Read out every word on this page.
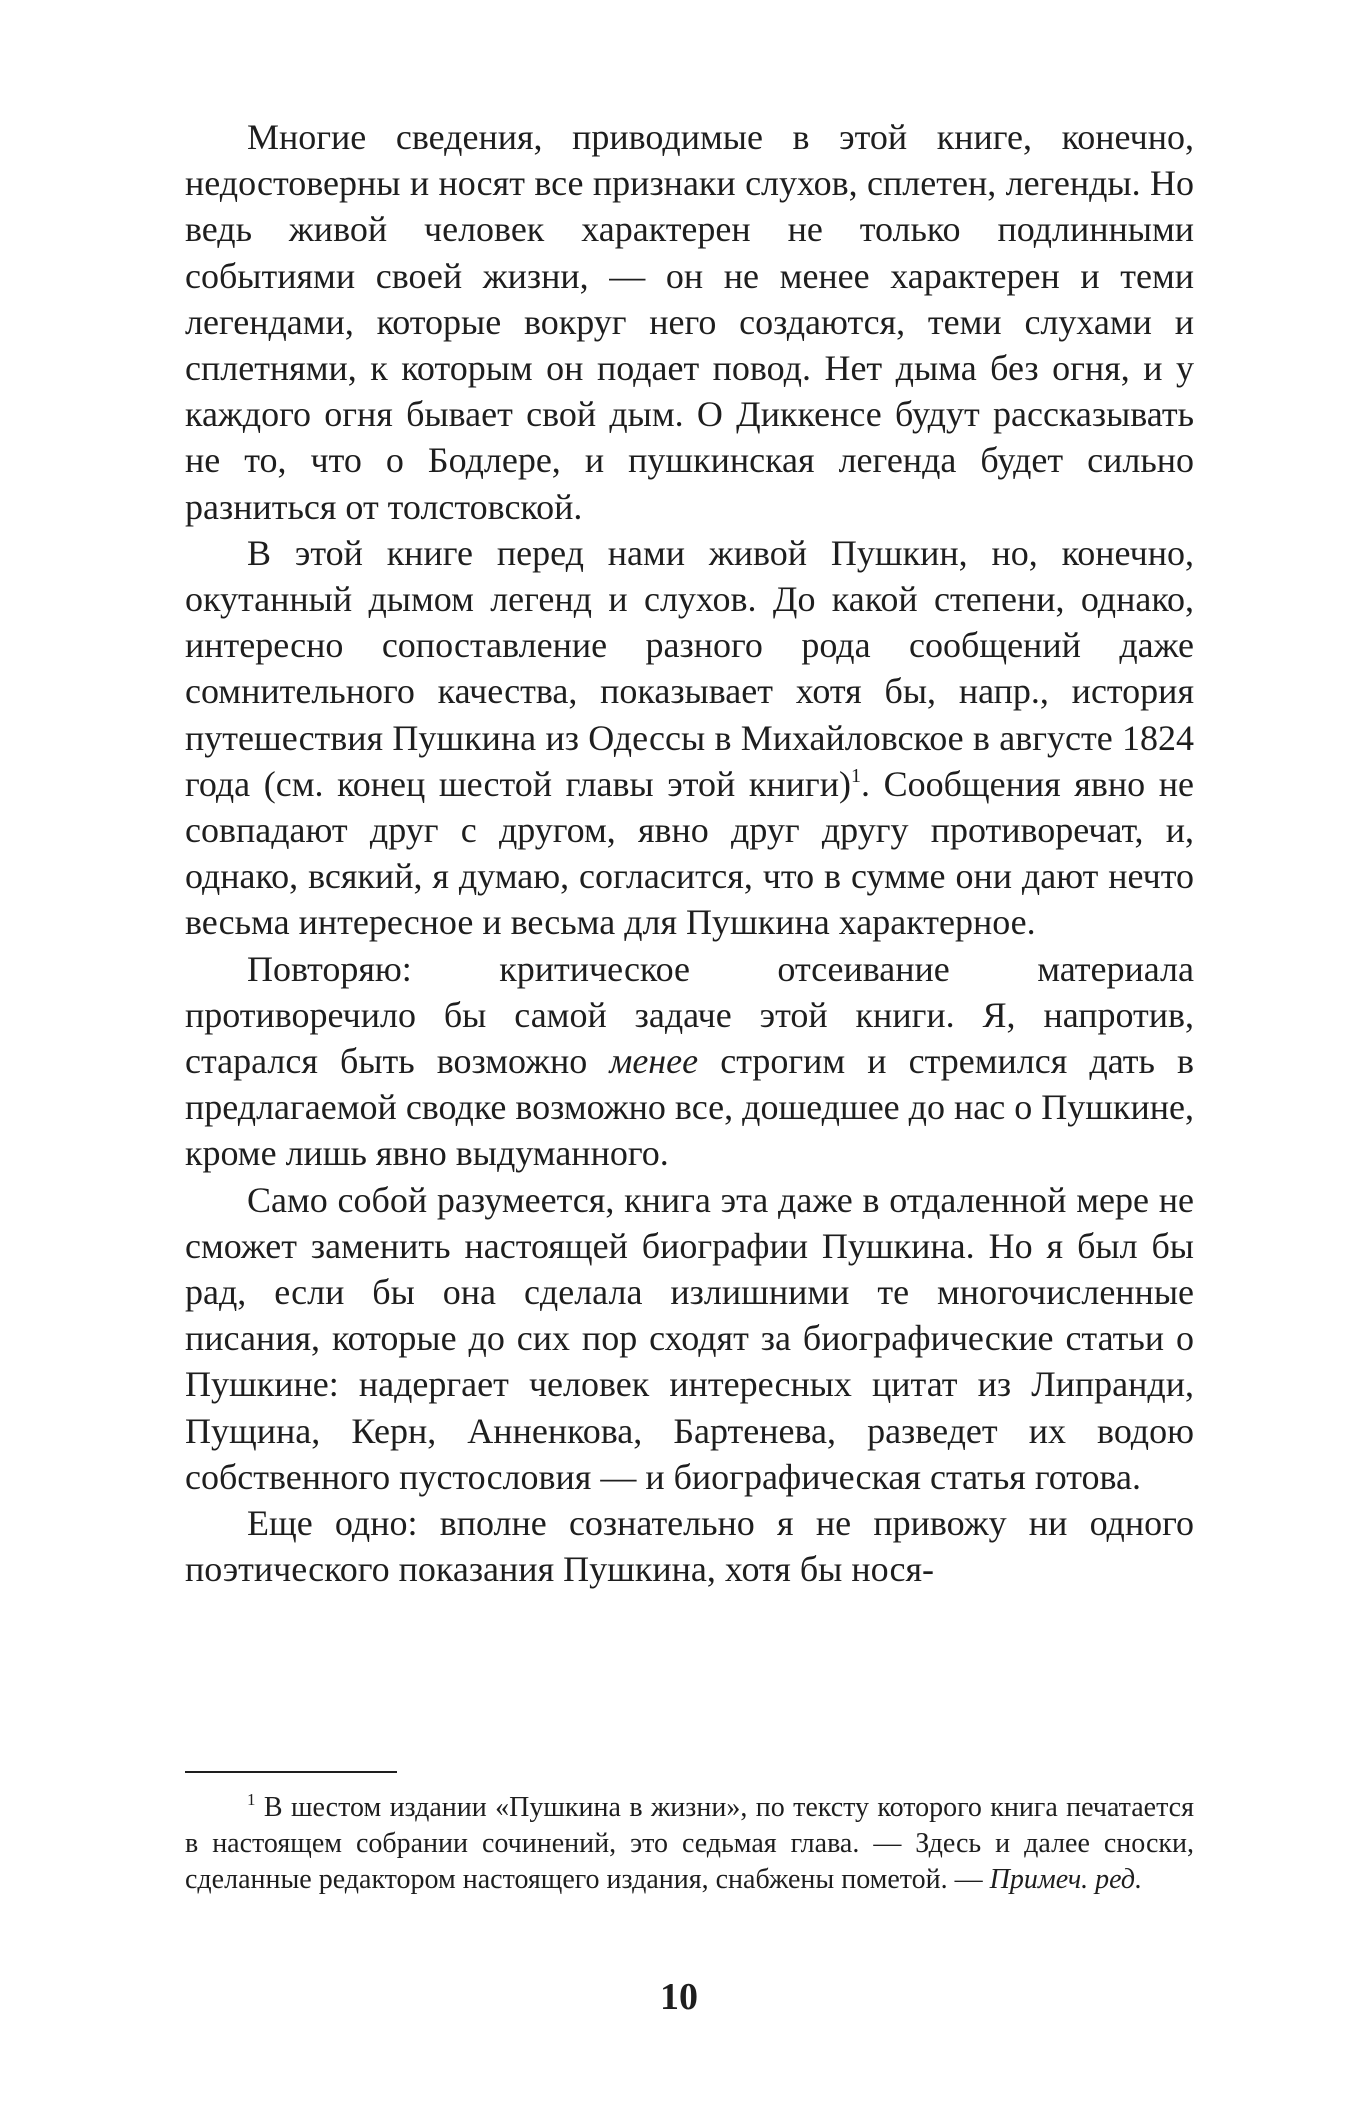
Многие сведения, приводимые в этой книге, конечно, недостоверны и носят все признаки слухов, сплетен, легенды. Но ведь живой человек характерен не только подлинными событиями своей жизни, — он не менее характерен и теми легендами, которые вокруг него создаются, теми слухами и сплетнями, к которым он подает повод. Нет дыма без огня, и у каждого огня бывает свой дым. О Диккенсе будут рассказывать не то, что о Бодлере, и пушкинская легенда будет сильно разниться от толстовской.

В этой книге перед нами живой Пушкин, но, конечно, окутанный дымом легенд и слухов. До какой степени, однако, интересно сопоставление разного рода сообщений даже сомнительного качества, показывает хотя бы, напр., история путешествия Пушкина из Одессы в Михайловское в августе 1824 года (см. конец шестой главы этой книги)$^1$. Сообщения явно не совпадают друг с другом, явно друг другу противоречат, и, однако, всякий, я думаю, согласится, что в сумме они дают нечто весьма интересное и весьма для Пушкина характерное.

Повторяю: критическое отсеивание материала противоречило бы самой задаче этой книги. Я, напротив, старался быть возможно менее строгим и стремился дать в предлагаемой сводке возможно все, дошедшее до нас о Пушкине, кроме лишь явно выдуманного.

Само собой разумеется, книга эта даже в отдаленной мере не сможет заменить настоящей биографии Пушкина. Но я был бы рад, если бы она сделала излишними те многочисленные писания, которые до сих пор сходят за биографические статьи о Пушкине: надергает человек интересных цитат из Липранди, Пущина, Керн, Анненкова, Бартенева, разведет их водою собственного пустословия — и биографическая статья готова.

Еще одно: вполне сознательно я не привожу ни одного поэтического показания Пушкина, хотя бы нося-

$^1$ В шестом издании «Пушкина в жизни», по тексту которого книга печатается в настоящем собрании сочинений, это седьмая глава. — Здесь и далее сноски, сделанные редактором настоящего издания, снабжены пометой. — Примеч. ред.

10
